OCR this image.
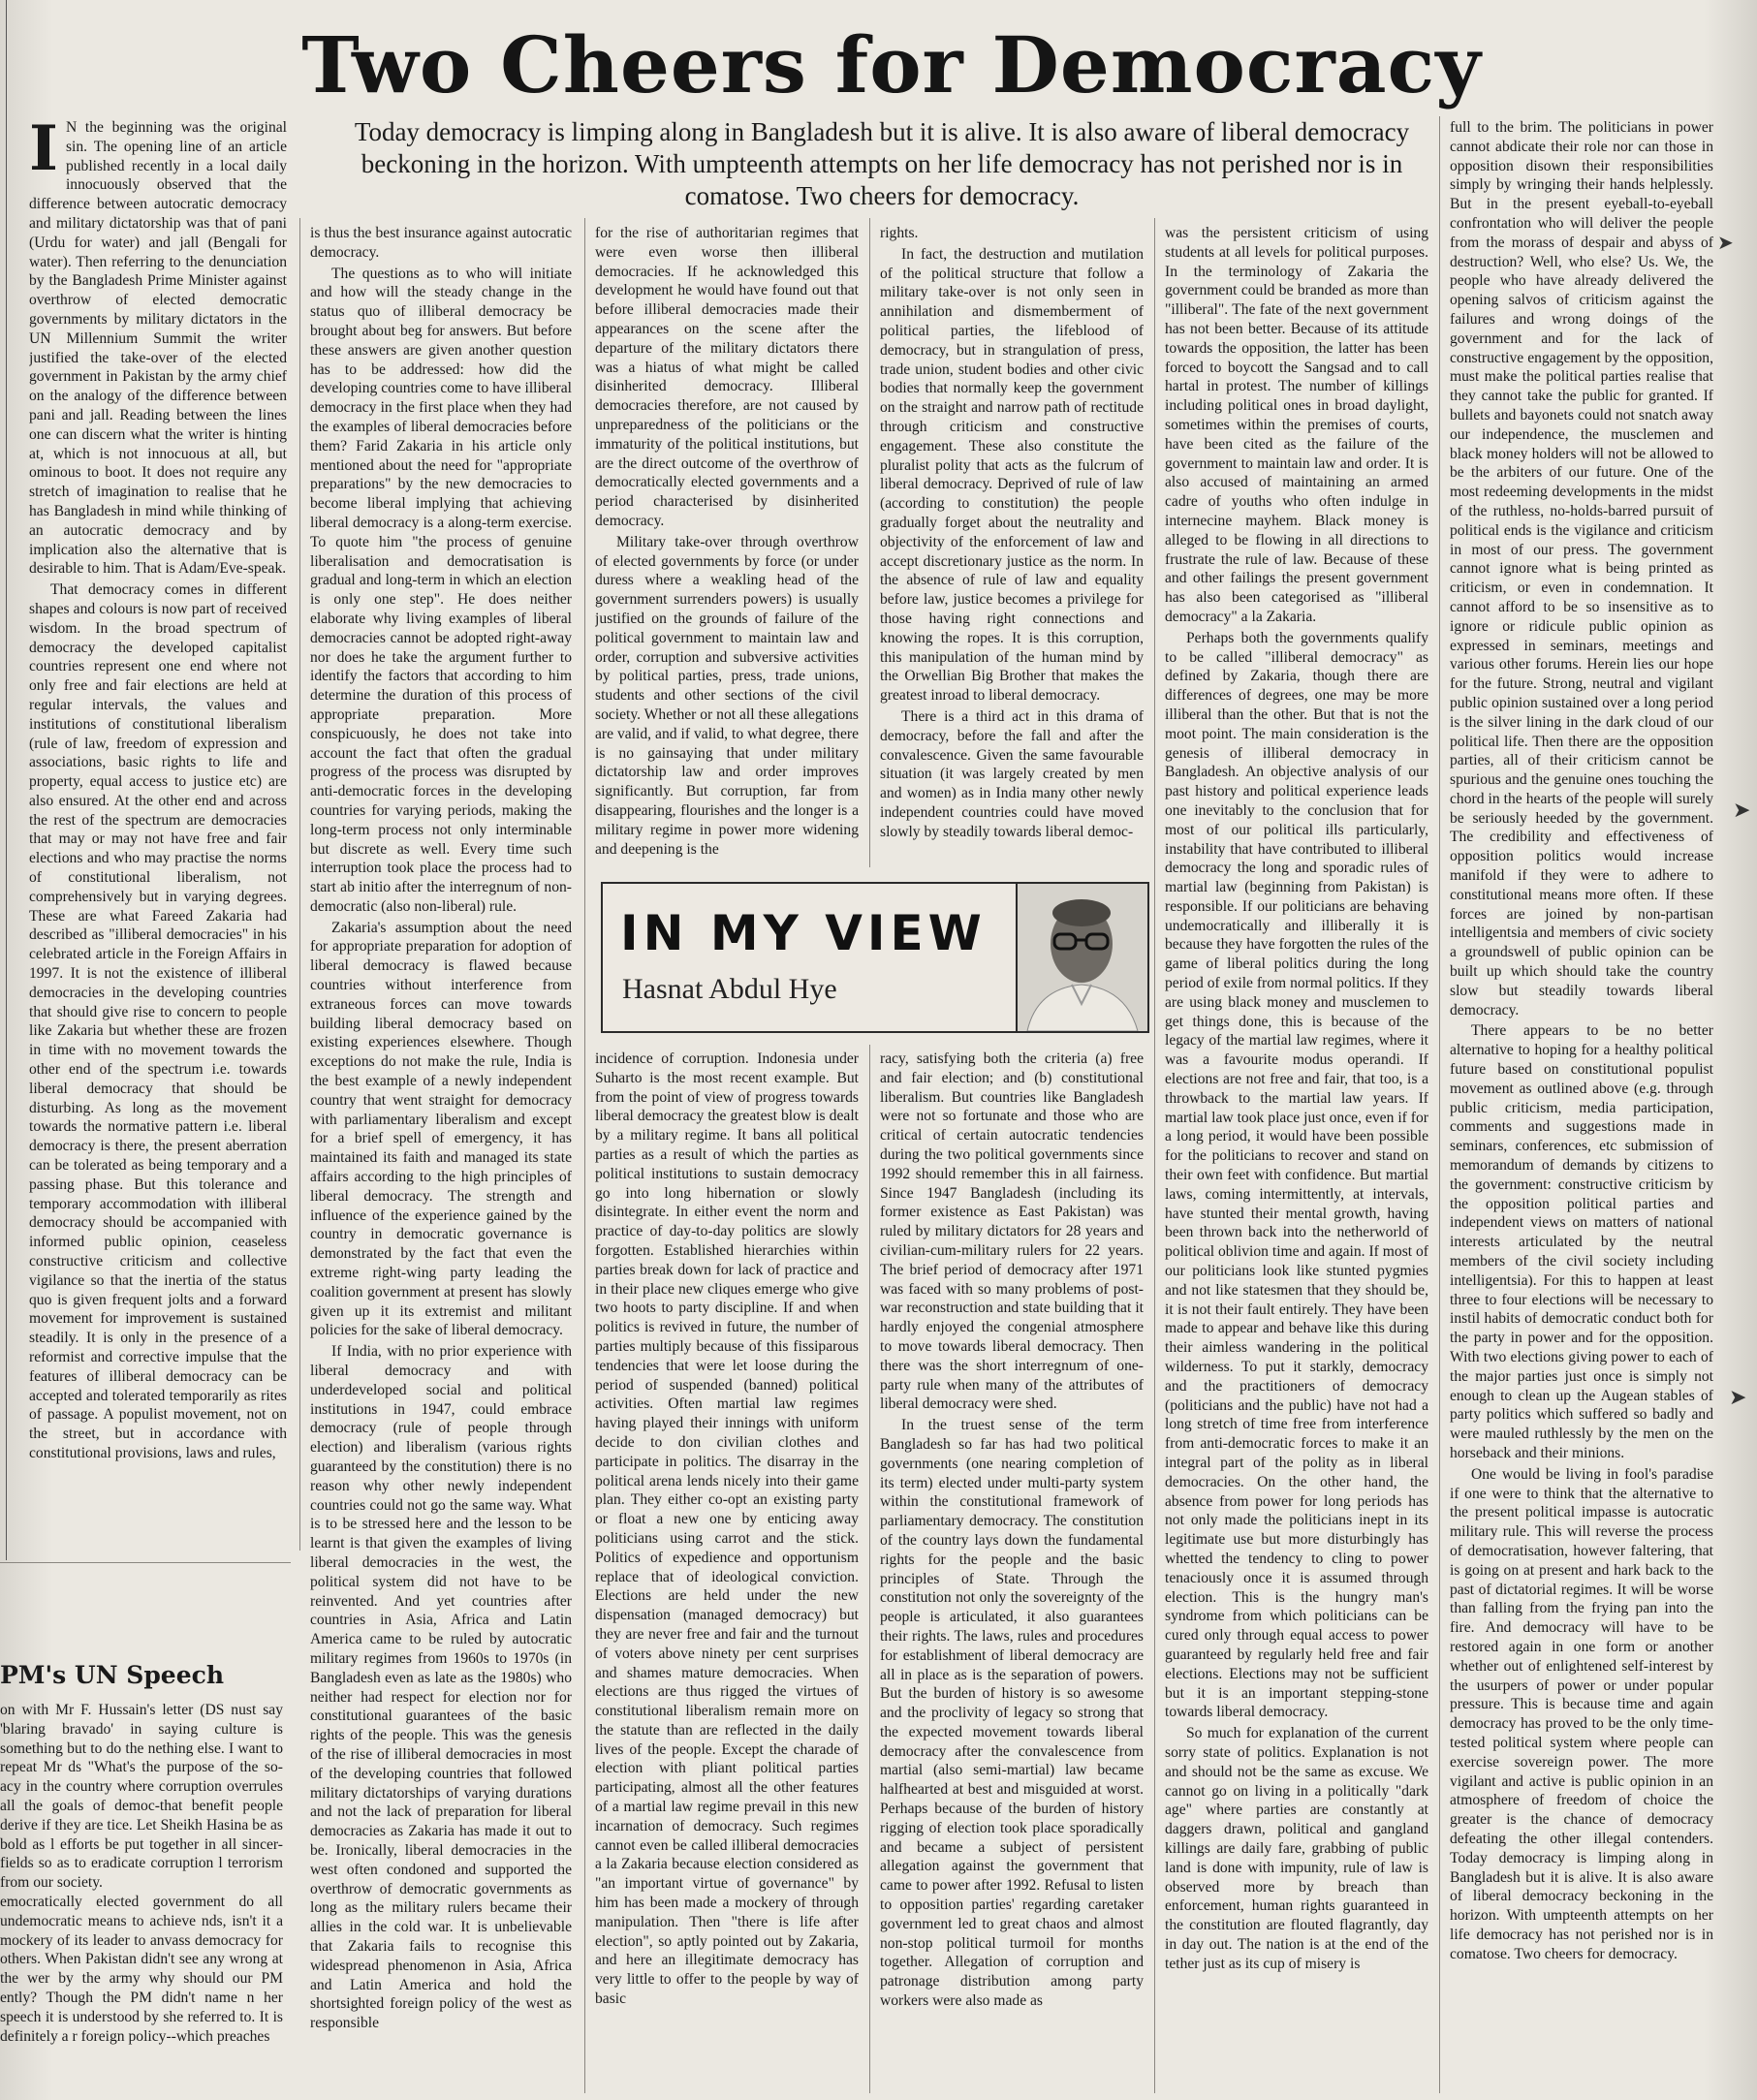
Two Cheers for Democracy

Today democracy is limping along in Bangladesh but it is alive. It is also aware of liberal democracy beckoning in the horizon. With umpteenth attempts on her life democracy has not perished nor is in comatose. Two cheers for democracy.

I N the beginning was the original sin. The opening line of an article published recently in a local daily innocuously observed that the difference between autocratic democracy and military dictatorship was that of pani (Urdu for water) and jall (Bengali for water). Then referring to the denunciation by the Bangladesh Prime Minister against overthrow of elected democratic governments by military dictators in the UN Millennium Summit the writer justified the take-over of the elected government in Pakistan by the army chief on the analogy of the difference between pani and jall. Reading between the lines one can discern what the writer is hinting at, which is not innocuous at all, but ominous to boot. It does not require any stretch of imagination to realise that he has Bangladesh in mind while thinking of an autocratic democracy and by implication also the alternative that is desirable to him. That is Adam/Eve-speak.

That democracy comes in different shapes and colours is now part of received wisdom. In the broad spectrum of democracy the developed capitalist countries represent one end where not only free and fair elections are held at regular intervals, the values and institutions of constitutional liberalism (rule of law, freedom of expression and associations, basic rights to life and property, equal access to justice etc) are also ensured. At the other end and across the rest of the spectrum are democracies that may or may not have free and fair elections and who may practise the norms of constitutional liberalism, not comprehensively but in varying degrees. These are what Fareed Zakaria had described as "illiberal democracies" in his celebrated article in the Foreign Affairs in 1997. It is not the existence of illiberal democracies in the developing countries that should give rise to concern to people like Zakaria but whether these are frozen in time with no movement towards the other end of the spectrum i.e. towards liberal democracy that should be disturbing. As long as the movement towards the normative pattern i.e. liberal democracy is there, the present aberration can be tolerated as being temporary and a passing phase. But this tolerance and temporary accommodation with illiberal democracy should be accompanied with informed public opinion, ceaseless constructive criticism and collective vigilance so that the inertia of the status quo is given frequent jolts and a forward movement for improvement is sustained steadily. It is only in the presence of a reformist and corrective impulse that the features of illiberal democracy can be accepted and tolerated temporarily as rites of passage. A populist movement, not on the street, but in accordance with constitutional provisions, laws and rules,

is thus the best insurance against autocratic democracy.

The questions as to who will initiate and how will the steady change in the status quo of illiberal democracy be brought about beg for answers. But before these answers are given another question has to be addressed: how did the developing countries come to have illiberal democracy in the first place when they had the examples of liberal democracies before them? Farid Zakaria in his article only mentioned about the need for "appropriate preparations" by the new democracies to become liberal implying that achieving liberal democracy is a along-term exercise. To quote him "the process of genuine liberalisation and democratisation is gradual and long-term in which an election is only one step". He does neither elaborate why living examples of liberal democracies cannot be adopted right-away nor does he take the argument further to identify the factors that according to him determine the duration of this process of appropriate preparation. More conspicuously, he does not take into account the fact that often the gradual progress of the process was disrupted by anti-democratic forces in the developing countries for varying periods, making the long-term process not only interminable but discrete as well. Every time such interruption took place the process had to start ab initio after the interregnum of non-democratic (also non-liberal) rule.

Zakaria's assumption about the need for appropriate preparation for adoption of liberal democracy is flawed because countries without interference from extraneous forces can move towards building liberal democracy based on existing experiences elsewhere. Though exceptions do not make the rule, India is the best example of a newly independent country that went straight for democracy with parliamentary liberalism and except for a brief spell of emergency, it has maintained its faith and managed its state affairs according to the high principles of liberal democracy. The strength and influence of the experience gained by the country in democratic governance is demonstrated by the fact that even the extreme right-wing party leading the coalition government at present has slowly given up it its extremist and militant policies for the sake of liberal democracy.

If India, with no prior experience with liberal democracy and with underdeveloped social and political institutions in 1947, could embrace democracy (rule of people through election) and liberalism (various rights guaranteed by the constitution) there is no reason why other newly independent countries could not go the same way. What is to be stressed here and the lesson to be learnt is that given the examples of living liberal democracies in the west, the political system did not have to be reinvented. And yet countries after countries in Asia, Africa and Latin America came to be ruled by autocratic military regimes from 1960s to 1970s (in Bangladesh even as late as the 1980s) who neither had respect for election nor for constitutional guarantees of the basic rights of the people. This was the genesis of the rise of illiberal democracies in most of the developing countries that followed military dictatorships of varying durations and not the lack of preparation for liberal democracies as Zakaria has made it out to be. Ironically, liberal democracies in the west often condoned and supported the overthrow of democratic governments as long as the military rulers became their allies in the cold war. It is unbelievable that Zakaria fails to recognise this widespread phenomenon in Asia, Africa and Latin America and hold the shortsighted foreign policy of the west as responsible

for the rise of authoritarian regimes that were even worse then illiberal democracies. If he acknowledged this development he would have found out that before illiberal democracies made their appearances on the scene after the departure of the military dictators there was a hiatus of what might be called disinherited democracy. Illiberal democracies therefore, are not caused by unpreparedness of the politicians or the immaturity of the political institutions, but are the direct outcome of the overthrow of democratically elected governments and a period characterised by disinherited democracy.

Military take-over through overthrow of elected governments by force (or under duress where a weakling head of the government surrenders powers) is usually justified on the grounds of failure of the political government to maintain law and order, corruption and subversive activities by political parties, press, trade unions, students and other sections of the civil society. Whether or not all these allegations are valid, and if valid, to what degree, there is no gainsaying that under military dictatorship law and order improves significantly. But corruption, far from disappearing, flourishes and the longer is a military regime in power more widening and deepening is the

rights.

In fact, the destruction and mutilation of the political structure that follow a military take-over is not only seen in annihilation and dismemberment of political parties, the lifeblood of democracy, but in strangulation of press, trade union, student bodies and other civic bodies that normally keep the government on the straight and narrow path of rectitude through criticism and constructive engagement. These also constitute the pluralist polity that acts as the fulcrum of liberal democracy. Deprived of rule of law (according to constitution) the people gradually forget about the neutrality and objectivity of the enforcement of law and accept discretionary justice as the norm. In the absence of rule of law and equality before law, justice becomes a privilege for those having right connections and knowing the ropes. It is this corruption, this manipulation of the human mind by the Orwellian Big Brother that makes the greatest inroad to liberal democracy.

There is a third act in this drama of democracy, before the fall and after the convalescence. Given the same favourable situation (it was largely created by men and women) as in India many other newly independent countries could have moved slowly by steadily towards liberal democ-

IN MY VIEW

Hasnat Abdul Hye

incidence of corruption. Indonesia under Suharto is the most recent example. But from the point of view of progress towards liberal democracy the greatest blow is dealt by a military regime. It bans all political parties as a result of which the parties as political institutions to sustain democracy go into long hibernation or slowly disintegrate. In either event the norm and practice of day-to-day politics are slowly forgotten. Established hierarchies within parties break down for lack of practice and in their place new cliques emerge who give two hoots to party discipline. If and when politics is revived in future, the number of parties multiply because of this fissiparous tendencies that were let loose during the period of suspended (banned) political activities. Often martial law regimes having played their innings with uniform decide to don civilian clothes and participate in politics. The disarray in the political arena lends nicely into their game plan. They either co-opt an existing party or float a new one by enticing away politicians using carrot and the stick. Politics of expedience and opportunism replace that of ideological conviction. Elections are held under the new dispensation (managed democracy) but they are never free and fair and the turnout of voters above ninety per cent surprises and shames mature democracies. When elections are thus rigged the virtues of constitutional liberalism remain more on the statute than are reflected in the daily lives of the people. Except the charade of election with pliant political parties participating, almost all the other features of a martial law regime prevail in this new incarnation of democracy. Such regimes cannot even be called illiberal democracies a la Zakaria because election considered as "an important virtue of governance" by him has been made a mockery of through manipulation. Then "there is life after election", so aptly pointed out by Zakaria, and here an illegitimate democracy has very little to offer to the people by way of basic

racy, satisfying both the criteria (a) free and fair election; and (b) constitutional liberalism. But countries like Bangladesh were not so fortunate and those who are critical of certain autocratic tendencies during the two political governments since 1992 should remember this in all fairness. Since 1947 Bangladesh (including its former existence as East Pakistan) was ruled by military dictators for 28 years and civilian-cum-military rulers for 22 years. The brief period of democracy after 1971 was faced with so many problems of post-war reconstruction and state building that it hardly enjoyed the congenial atmosphere to move towards liberal democracy. Then there was the short interregnum of one-party rule when many of the attributes of liberal democracy were shed.

In the truest sense of the term Bangladesh so far has had two political governments (one nearing completion of its term) elected under multi-party system within the constitutional framework of parliamentary democracy. The constitution of the country lays down the fundamental rights for the people and the basic principles of State. Through the constitution not only the sovereignty of the people is articulated, it also guarantees their rights. The laws, rules and procedures for establishment of liberal democracy are all in place as is the separation of powers. But the burden of history is so awesome and the proclivity of legacy so strong that the expected movement towards liberal democracy after the convalescence from martial (also semi-martial) law became halfhearted at best and misguided at worst. Perhaps because of the burden of history rigging of election took place sporadically and became a subject of persistent allegation against the government that came to power after 1992. Refusal to listen to opposition parties' regarding caretaker government led to great chaos and almost non-stop political turmoil for months together. Allegation of corruption and patronage distribution among party workers were also made as

was the persistent criticism of using students at all levels for political purposes. In the terminology of Zakaria the government could be branded as more than "illiberal". The fate of the next government has not been better. Because of its attitude towards the opposition, the latter has been forced to boycott the Sangsad and to call hartal in protest. The number of killings including political ones in broad daylight, sometimes within the premises of courts, have been cited as the failure of the government to maintain law and order. It is also accused of maintaining an armed cadre of youths who often indulge in internecine mayhem. Black money is alleged to be flowing in all directions to frustrate the rule of law. Because of these and other failings the present government has also been categorised as "illiberal democracy" a la Zakaria.

Perhaps both the governments qualify to be called "illiberal democracy" as defined by Zakaria, though there are differences of degrees, one may be more illiberal than the other. But that is not the moot point. The main consideration is the genesis of illiberal democracy in Bangladesh. An objective analysis of our past history and political experience leads one inevitably to the conclusion that for most of our political ills particularly, instability that have contributed to illiberal democracy the long and sporadic rules of martial law (beginning from Pakistan) is responsible. If our politicians are behaving undemocratically and illiberally it is because they have forgotten the rules of the game of liberal politics during the long period of exile from normal politics. If they are using black money and musclemen to get things done, this is because of the legacy of the martial law regimes, where it was a favourite modus operandi. If elections are not free and fair, that too, is a throwback to the martial law years. If martial law took place just once, even if for a long period, it would have been possible for the politicians to recover and stand on their own feet with confidence. But martial laws, coming intermittently, at intervals, have stunted their mental growth, having been thrown back into the netherworld of political oblivion time and again. If most of our politicians look like stunted pygmies and not like statesmen that they should be, it is not their fault entirely. They have been made to appear and behave like this during their aimless wandering in the political wilderness. To put it starkly, democracy and the practitioners of democracy (politicians and the public) have not had a long stretch of time free from interference from anti-democratic forces to make it an integral part of the polity as in liberal democracies. On the other hand, the absence from power for long periods has not only made the politicians inept in its legitimate use but more disturbingly has whetted the tendency to cling to power tenaciously once it is assumed through election. This is the hungry man's syndrome from which politicians can be cured only through equal access to power guaranteed by regularly held free and fair elections. Elections may not be sufficient but it is an important stepping-stone towards liberal democracy.

So much for explanation of the current sorry state of politics. Explanation is not and should not be the same as excuse. We cannot go on living in a politically "dark age" where parties are constantly at daggers drawn, political and gangland killings are daily fare, grabbing of public land is done with impunity, rule of law is observed more by breach than enforcement, human rights guaranteed in the constitution are flouted flagrantly, day in day out. The nation is at the end of the tether just as its cup of misery is

full to the brim. The politicians in power cannot abdicate their role nor can those in opposition disown their responsibilities simply by wringing their hands helplessly. But in the present eyeball-to-eyeball confrontation who will deliver the people from the morass of despair and abyss of destruction? Well, who else? Us. We, the people who have already delivered the opening salvos of criticism against the failures and wrong doings of the government and for the lack of constructive engagement by the opposition, must make the political parties realise that they cannot take the public for granted. If bullets and bayonets could not snatch away our independence, the musclemen and black money holders will not be allowed to be the arbiters of our future. One of the most redeeming developments in the midst of the ruthless, no-holds-barred pursuit of political ends is the vigilance and criticism in most of our press. The government cannot ignore what is being printed as criticism, or even in condemnation. It cannot afford to be so insensitive as to ignore or ridicule public opinion as expressed in seminars, meetings and various other forums. Herein lies our hope for the future. Strong, neutral and vigilant public opinion sustained over a long period is the silver lining in the dark cloud of our political life. Then there are the opposition parties, all of their criticism cannot be spurious and the genuine ones touching the chord in the hearts of the people will surely be seriously heeded by the government. The credibility and effectiveness of opposition politics would increase manifold if they were to adhere to constitutional means more often. If these forces are joined by non-partisan intelligentsia and members of civic society a groundswell of public opinion can be built up which should take the country slow but steadily towards liberal democracy.

There appears to be no better alternative to hoping for a healthy political future based on constitutional populist movement as outlined above (e.g. through public criticism, media participation, comments and suggestions made in seminars, conferences, etc submission of memorandum of demands by citizens to the government: constructive criticism by the opposition political parties and independent views on matters of national interests articulated by the neutral members of the civil society including intelligentsia). For this to happen at least three to four elections will be necessary to instil habits of democratic conduct both for the party in power and for the opposition. With two elections giving power to each of the major parties just once is simply not enough to clean up the Augean stables of party politics which suffered so badly and were mauled ruthlessly by the men on the horseback and their minions.

One would be living in fool's paradise if one were to think that the alternative to the present political impasse is autocratic military rule. This will reverse the process of democratisation, however faltering, that is going on at present and hark back to the past of dictatorial regimes. It will be worse than falling from the frying pan into the fire. And democracy will have to be restored again in one form or another whether out of enlightened self-interest by the usurpers of power or under popular pressure. This is because time and again democracy has proved to be the only time-tested political system where people can exercise sovereign power. The more vigilant and active is public opinion in an atmosphere of freedom of choice the greater is the chance of democracy defeating the other illegal contenders. Today democracy is limping along in Bangladesh but it is alive. It is also aware of liberal democracy beckoning in the horizon. With umpteenth attempts on her life democracy has not perished nor is in comatose. Two cheers for democracy.

PM's UN Speech

on with Mr F. Hussain's letter (DS nust say 'blaring bravado' in saying culture is something but to do the nething else. I want to repeat Mr ds "What's the purpose of the so-acy in the country where corruption overrules all the goals of democ-that benefit people derive if they are tice. Let Sheikh Hasina be as bold as l efforts be put together in all sincer-fields so as to eradicate corruption l terrorism from our society.

emocratically elected government do all undemocratic means to achieve nds, isn't it a mockery of its leader to anvass democracy for others. When Pakistan didn't see any wrong at the wer by the army why should our PM ently? Though the PM didn't name n her speech it is understood by she referred to. It is definitely a r foreign policy--which preaches

➤
➤
➤
